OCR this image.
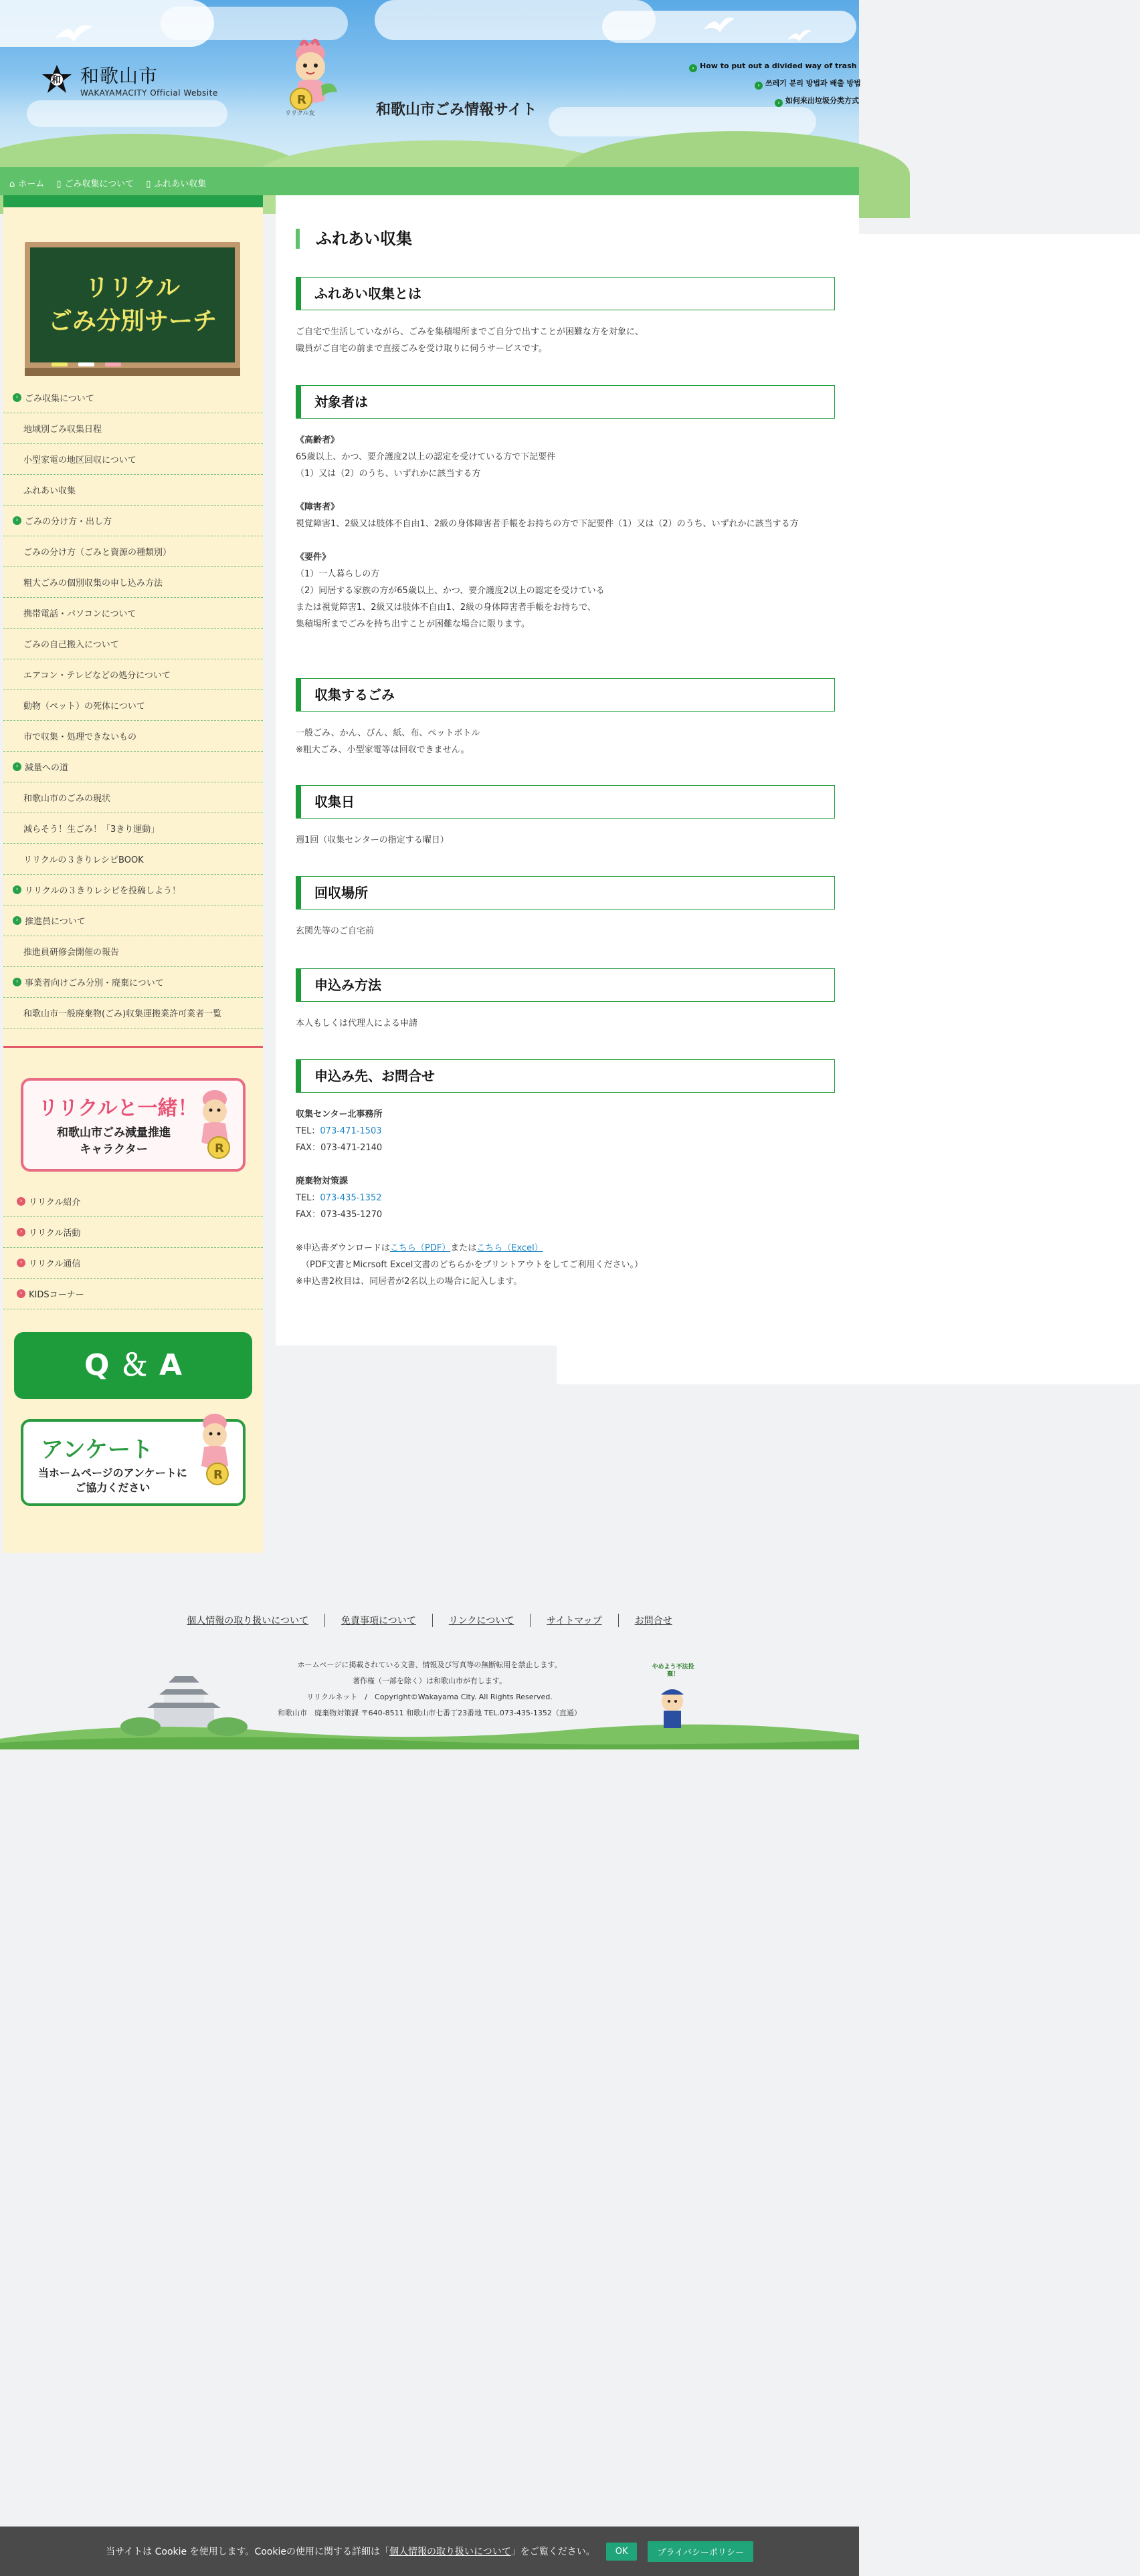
和 和歌山市
WAKAYAMACITY Official Website	R
リリクル友	和歌山市ごみ情報サイト
› How to put out a divided way of trash
› 쓰레기 분리 방법과 배출 방법
› 如何来出垃圾分类方式
⌂ ホーム ▯ ごみ収集について ▯ ふれあい収集
リリクル
ごみ分別サーチ
› ごみ収集について
地域別ごみ収集日程
小型家電の地区回収について
ふれあい収集
› ごみの分け方・出し方
ごみの分け方（ごみと資源の種類別）
粗大ごみの個別収集の申し込み方法
携帯電話・パソコンについて
ごみの自己搬入について
エアコン・テレビなどの処分について
動物（ペット）の死体について
市で収集・処理できないもの
› 減量への道
和歌山市のごみの現状
減らそう！生ごみ！「3きり運動」
リリクルの３きりレシピBOOK
› リリクルの３きりレシピを投稿しよう！
› 推進員について
推進員研修会開催の報告
› 事業者向けごみ分別・廃棄について
和歌山市一般廃棄物(ごみ)収集運搬業許可業者一覧
リリクルと一緒！
和歌山市ごみ減量推進
キャラクター	R
› リリクル紹介
› リリクル活動
› リリクル通信
› KIDSコーナー
Q ＆ A
アンケート
当ホームページのアンケートに
ご協力ください
R
ふれあい収集
ふれあい収集とは
ご自宅で生活していながら、ごみを集積場所までご自分で出すことが困難な方を対象に、
職員がご自宅の前まで直接ごみを受け取りに伺うサービスです。
対象者は
《高齢者》
65歳以上、かつ、要介護度2以上の認定を受けている方で下記要件
（1）又は（2）のうち、いずれかに該当する方
《障害者》
視覚障害1、2級又は肢体不自由1、2級の身体障害者手帳をお持ちの方で下記要件（1）又は（2）のうち、いずれかに該当する方
《要件》
（1）一人暮らしの方
（2）同居する家族の方が65歳以上、かつ、要介護度2以上の認定を受けている
または視覚障害1、2級又は肢体不自由1、2級の身体障害者手帳をお持ちで、
集積場所までごみを持ち出すことが困難な場合に限ります。
収集するごみ
一般ごみ、かん、びん、紙、布、ペットボトル
※粗大ごみ、小型家電等は回収できません。
収集日
週1回（収集センターの指定する曜日）
回収場所
玄関先等のご自宅前
申込み方法
本人もしくは代理人による申請
申込み先、お問合せ
収集センター北事務所
TEL：073-471-1503
FAX：073-471-2140
廃棄物対策課
TEL：073-435-1352
FAX：073-435-1270
※申込書ダウンロードはこちら（PDF）またはこちら（Excel）
（PDF文書とMicrsoft Excel文書のどちらかをプリントアウトをしてご利用ください。）
※申込書2枚目は、同居者が2名以上の場合に記入します。
個人情報の取り扱いについて	免責事項について	リンクについて	サイトマップ	お問合せ
ホームページに掲載されている文書、情報及び写真等の無断転用を禁止します。
著作権（一部を除く）は和歌山市が有します。
リリクルネット　/　Copyright©Wakayama City. All Rights Reserved.
和歌山市　廃棄物対策課 〒640-8511 和歌山市七番丁23番地 TEL.073-435-1352（直通）
やめよう不法投棄！
当サイトは Cookie を使用します。Cookieの使用に関する詳細は「個人情報の取り扱いについて」をご覧ください。	OK	プライバシーポリシー
